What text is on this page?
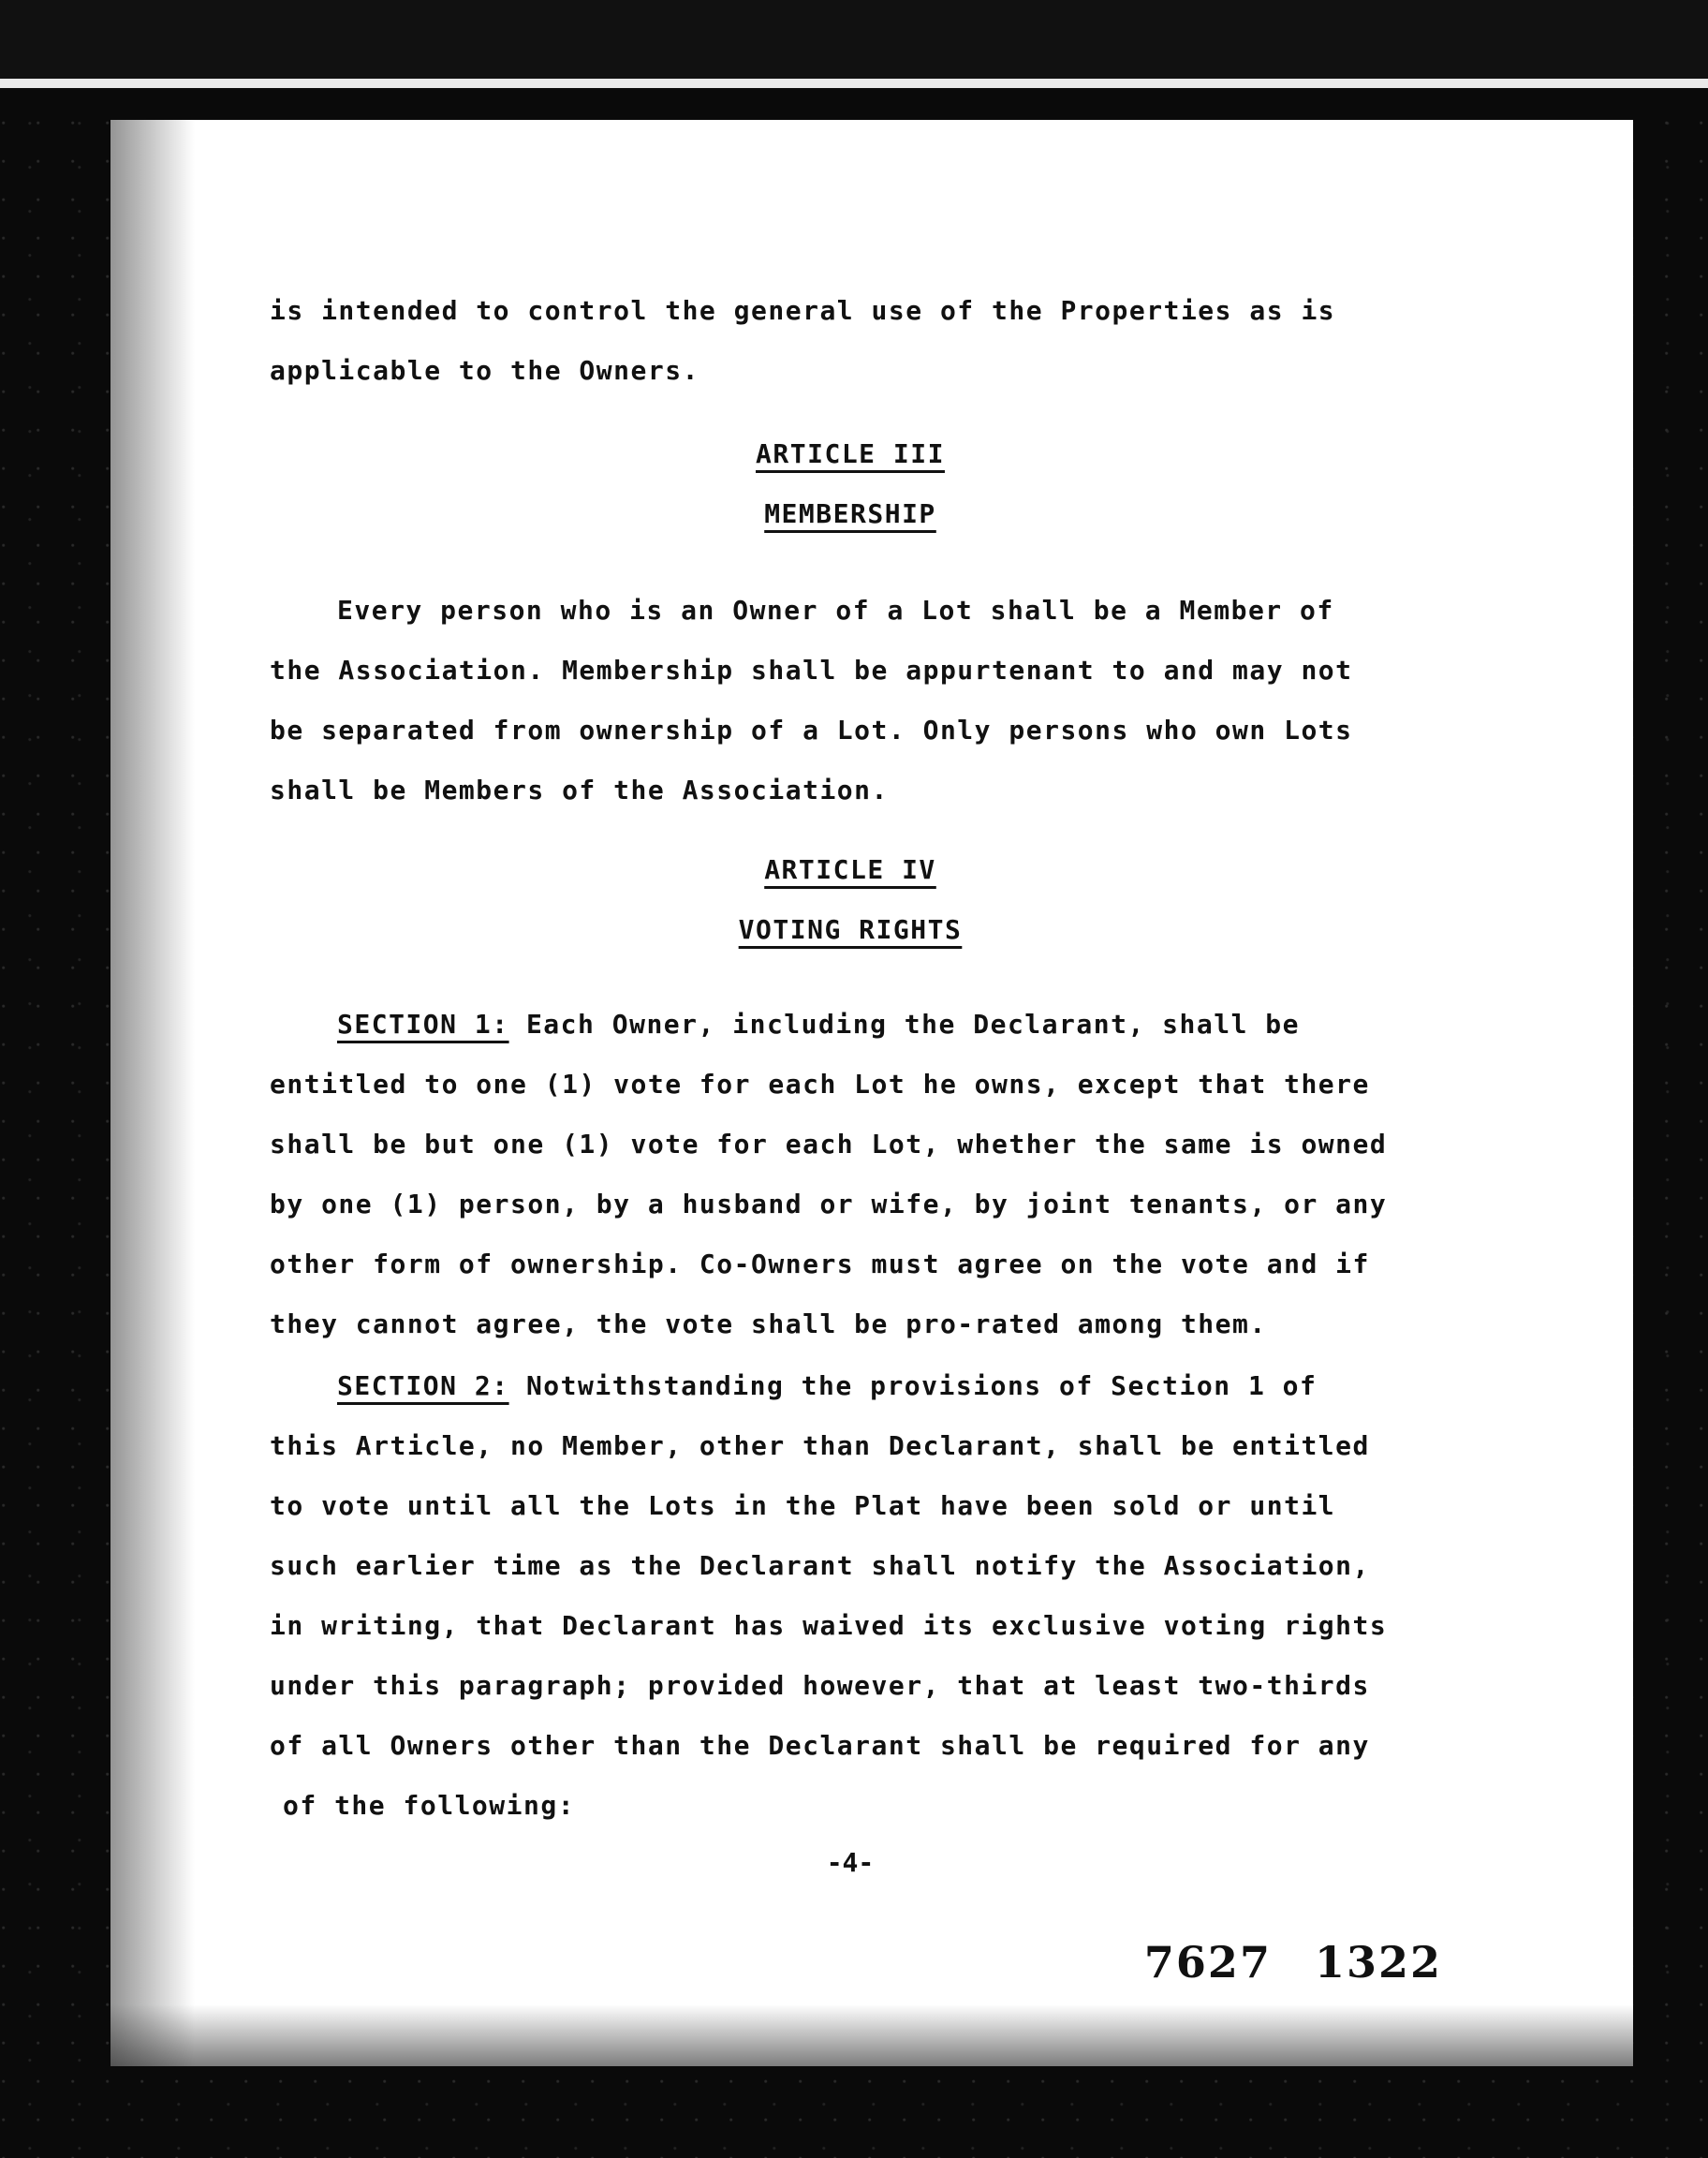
is intended to control the general use of the Properties as is
applicable to the Owners.
ARTICLE III
MEMBERSHIP
Every person who is an Owner of a Lot shall be a Member of
the Association. Membership shall be appurtenant to and may not
be separated from ownership of a Lot. Only persons who own Lots
shall be Members of the Association.
ARTICLE IV
VOTING RIGHTS
SECTION 1: Each Owner, including the Declarant, shall be
entitled to one (1) vote for each Lot he owns, except that there
shall be but one (1) vote for each Lot, whether the same is owned
by one (1) person, by a husband or wife, by joint tenants, or any
other form of ownership. Co-Owners must agree on the vote and if
they cannot agree, the vote shall be pro-rated among them.
SECTION 2: Notwithstanding the provisions of Section 1 of
this Article, no Member, other than Declarant, shall be entitled
to vote until all the Lots in the Plat have been sold or until
such earlier time as the Declarant shall notify the Association,
in writing, that Declarant has waived its exclusive voting rights
under this paragraph; provided however, that at least two-thirds
of all Owners other than the Declarant shall be required for any
of the following:
-4-
7627 1322
